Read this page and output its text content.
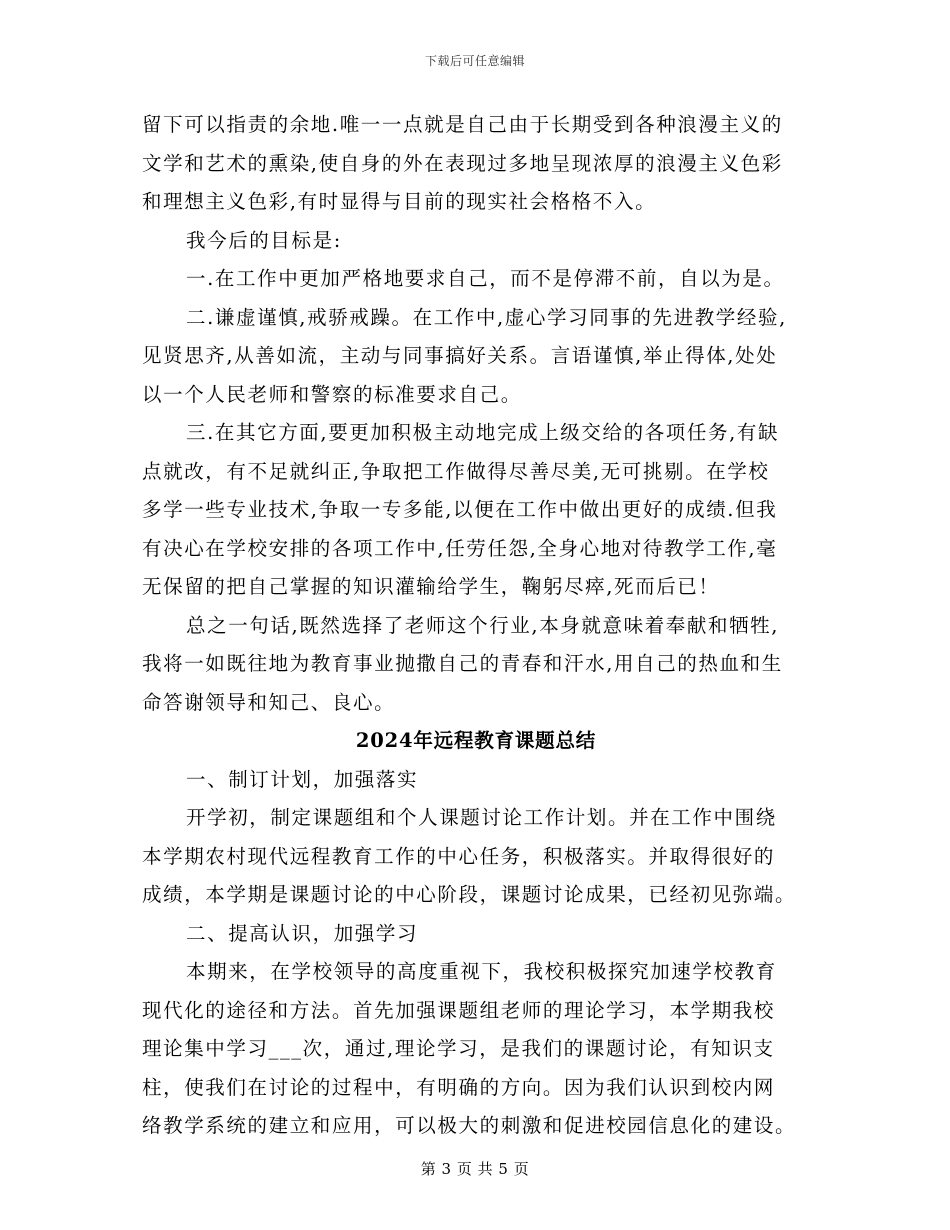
下载后可任意编辑
留下可以指责的余地.唯一一点就是自己由于长期受到各种浪漫主义的
文学和艺术的熏染,使自身的外在表现过多地呈现浓厚的浪漫主义色彩
和理想主义色彩,有时显得与目前的现实社会格格不入。
我今后的目标是:
一.在工作中更加严格地要求自己，而不是停滞不前，自以为是。
二.谦虚谨慎,戒骄戒躁。在工作中,虚心学习同事的先进教学经验,
见贤思齐,从善如流，主动与同事搞好关系。言语谨慎,举止得体,处处
以一个人民老师和警察的标准要求自己。
三.在其它方面,要更加积极主动地完成上级交给的各项任务,有缺
点就改，有不足就纠正,争取把工作做得尽善尽美,无可挑剔。在学校
多学一些专业技术,争取一专多能,以便在工作中做出更好的成绩.但我
有决心在学校安排的各项工作中,任劳任怨,全身心地对待教学工作,毫
无保留的把自己掌握的知识灌输给学生，鞠躬尽瘁,死而后已！
总之一句话,既然选择了老师这个行业,本身就意味着奉献和牺牲,
我将一如既往地为教育事业抛撒自己的青春和汗水,用自己的热血和生
命答谢领导和知己、良心。
2024年远程教育课题总结
一、制订计划，加强落实
开学初，制定课题组和个人课题讨论工作计划。并在工作中围绕
本学期农村现代远程教育工作的中心任务，积极落实。并取得很好的
成绩，本学期是课题讨论的中心阶段，课题讨论成果，已经初见弥端。
二、提高认识，加强学习
本期来，在学校领导的高度重视下，我校积极探究加速学校教育
现代化的途径和方法。首先加强课题组老师的理论学习，本学期我校
理论集中学习___次，通过,理论学习，是我们的课题讨论，有知识支
柱，使我们在讨论的过程中，有明确的方向。因为我们认识到校内网
络教学系统的建立和应用，可以极大的刺激和促进校园信息化的建设。
第 3 页 共 5 页
